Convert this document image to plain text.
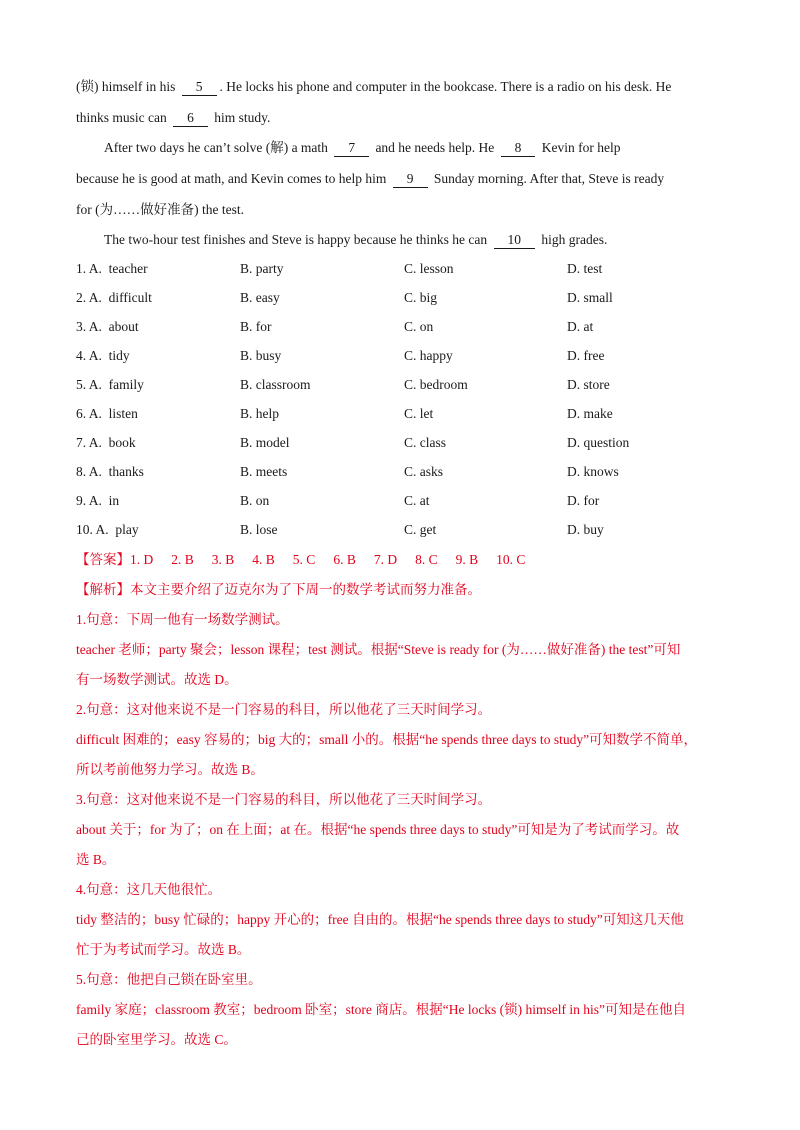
(锁) himself in his 5 . He locks his phone and computer in the bookcase. There is a radio on his desk. He
thinks music can 6 him study.
After two days he can’t solve (解) a math 7 and he needs help. He 8 Kevin for help
because he is good at math, and Kevin comes to help him 9 Sunday morning. After that, Steve is ready
for (为……做好准备) the test.
The two-hour test finishes and Steve is happy because he thinks he can 10 high grades.
1. A. teacher	B. party	C. lesson	D. test
2. A. difficult	B. easy	C. big	D. small
3. A. about	B. for	C. on	D. at
4. A. tidy	B. busy	C. happy	D. free
5. A. family	B. classroom	C. bedroom	D. store
6. A. listen	B. help	C. let	D. make
7. A. book	B. model	C. class	D. question
8. A. thanks	B. meets	C. asks	D. knows
9. A. in	B. on	C. at	D. for
10. A. play	B. lose	C. get	D. buy
【答案】1. D 2. B 3. B 4. B 5. C 6. B 7. D 8. C 9. B 10. C
【解析】本文主要介绍了迈克尔为了下周一的数学考试而努力准备。
1.句意：下周一他有一场数学测试。
teacher 老师；party 聚会；lesson 课程；test 测试。根据“Steve is ready for (为……做好准备) the test”可知
有一场数学测试。故选 D。
2.句意：这对他来说不是一门容易的科目，所以他花了三天时间学习。
difficult 困难的；easy 容易的；big 大的；small 小的。根据“he spends three days to study”可知数学不简单，
所以考前他努力学习。故选 B。
3.句意：这对他来说不是一门容易的科目，所以他花了三天时间学习。
about 关于；for 为了；on 在上面；at 在。根据“he spends three days to study”可知是为了考试而学习。故
选 B。
4.句意：这几天他很忙。
tidy 整洁的；busy 忙碌的；happy 开心的；free 自由的。根据“he spends three days to study”可知这几天他
忙于为考试而学习。故选 B。
5.句意：他把自己锁在卧室里。
family 家庭；classroom 教室；bedroom 卧室；store 商店。根据“He locks (锁) himself in his”可知是在他自
己的卧室里学习。故选 C。
